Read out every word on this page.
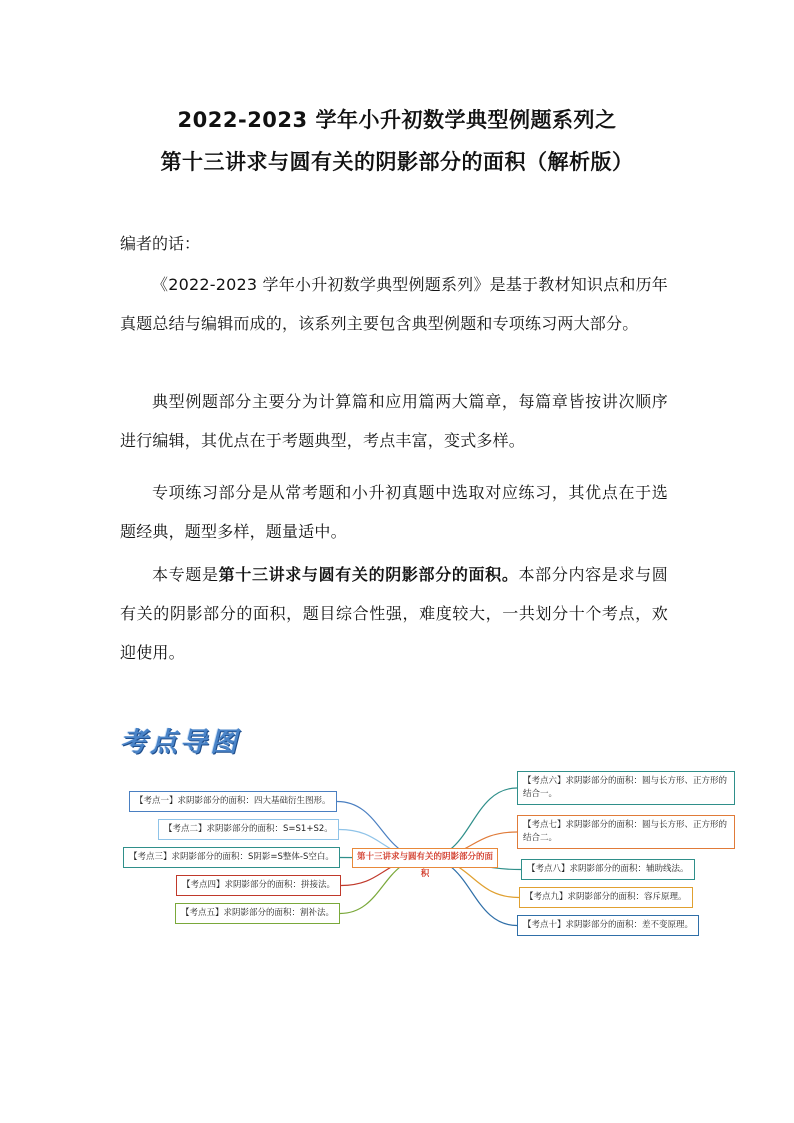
2022-2023 学年小升初数学典型例题系列之
第十三讲求与圆有关的阴影部分的面积（解析版）
编者的话：
《2022-2023 学年小升初数学典型例题系列》是基于教材知识点和历年真题总结与编辑而成的，该系列主要包含典型例题和专项练习两大部分。
典型例题部分主要分为计算篇和应用篇两大篇章，每篇章皆按讲次顺序进行编辑，其优点在于考题典型，考点丰富，变式多样。
专项练习部分是从常考题和小升初真题中选取对应练习，其优点在于选题经典，题型多样，题量适中。
本专题是第十三讲求与圆有关的阴影部分的面积。本部分内容是求与圆有关的阴影部分的面积，题目综合性强，难度较大，一共划分十个考点，欢迎使用。
考点导图
第十三讲求与圆有关的阴影部分的面积
【考点一】求阴影部分的面积：四大基础衍生图形。
【考点二】求阴影部分的面积：S=S1+S2。
【考点三】求阴影部分的面积：S阴影=S整体-S空白。
【考点四】求阴影部分的面积：拼接法。
【考点五】求阴影部分的面积：割补法。
【考点六】求阴影部分的面积：圆与长方形、正方形的结合一。
【考点七】求阴影部分的面积：圆与长方形、正方形的结合二。
【考点八】求阴影部分的面积：辅助线法。
【考点九】求阴影部分的面积：容斥原理。
【考点十】求阴影部分的面积：差不变原理。
